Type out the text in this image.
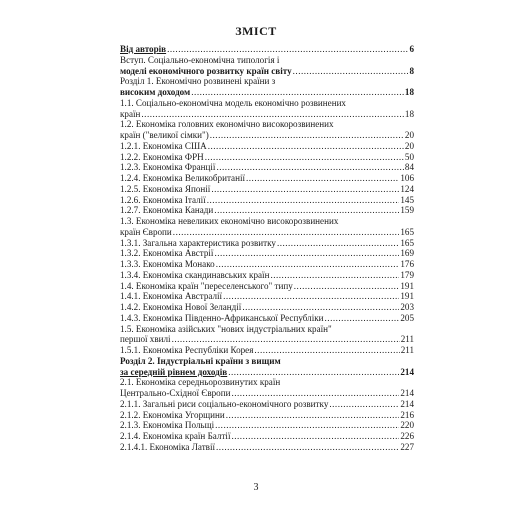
ЗМІСТ
Від авторів .....	6
Вступ. Соціально-економічна типологія і
моделі економічного розвитку країн світу .....	8
Розділ 1. Економічно розвинені країни з
високим доходом .....	18
1.1. Соціально-економічна модель економічно розвинених
країн .....	18
1.2. Економіка головних економічно високорозвинених
країн ("великої сімки") .....	20
1.2.1. Економіка США .....	20
1.2.2. Економіка ФРН .....	50
1.2.3. Економіка Франції .....	84
1.2.4. Економіка Великобританії .....	106
1.2.5. Економіка Японії .....	124
1.2.6. Економіка Італії .....	145
1.2.7. Економіка Канади .....	159
1.3. Економіка невеликих економічно високорозвинених
країн Європи .....	165
1.3.1. Загальна характеристика розвитку .....	165
1.3.2. Економіка Австрії .....	169
1.3.3. Економіка Монако .....	176
1.3.4. Економіка скандинавських країн .....	179
1.4. Економіка країн "переселенського" типу .....	191
1.4.1. Економіка Австралії .....	191
1.4.2. Економіка Нової Зеландії .....	203
1.4.3. Економіка Південно-Африканської Республіки .....	205
1.5. Економіка азійських "нових індустріальних країн"
першої хвилі .....	211
1.5.1. Економіка Республіки Корея .....	211
Розділ 2. Індустріальні країни з вищим
за середній рівнем доходів .....	214
2.1. Економіка середньорозвинутих країн
Центрально-Східної Європи .....	214
2.1.1. Загальні риси соціально-економічного розвитку .....	214
2.1.2. Економіка Угорщини .....	216
2.1.3. Економіка Польщі .....	220
2.1.4. Економіка країн Балтії .....	226
2.1.4.1. Економіка Латвії .....	227
3
